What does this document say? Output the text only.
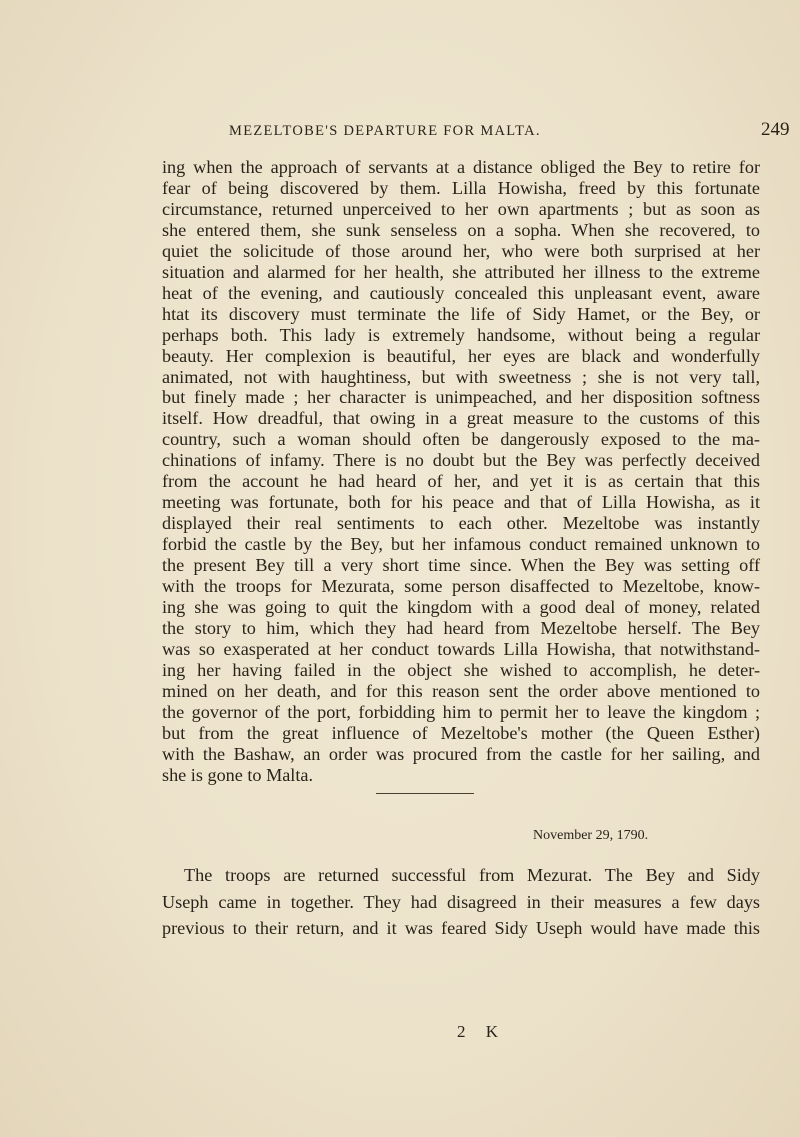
MEZELTOBE'S DEPARTURE FOR MALTA.	249
ing when the approach of servants at a distance obliged the Bey to retire for
fear of being discovered by them. Lilla Howisha, freed by this fortunate
circumstance, returned unperceived to her own apartments ; but as soon as
she entered them, she sunk senseless on a sopha. When she recovered, to
quiet the solicitude of those around her, who were both surprised at her
situation and alarmed for her health, she attributed her illness to the extreme
heat of the evening, and cautiously concealed this unpleasant event, aware
htat its discovery must terminate the life of Sidy Hamet, or the Bey, or
perhaps both. This lady is extremely handsome, without being a regular
beauty. Her complexion is beautiful, her eyes are black and wonderfully
animated, not with haughtiness, but with sweetness ; she is not very tall,
but finely made ; her character is unimpeached, and her disposition softness
itself. How dreadful, that owing in a great measure to the customs of this
country, such a woman should often be dangerously exposed to the ma-
chinations of infamy. There is no doubt but the Bey was perfectly deceived
from the account he had heard of her, and yet it is as certain that this
meeting was fortunate, both for his peace and that of Lilla Howisha, as it
displayed their real sentiments to each other. Mezeltobe was instantly
forbid the castle by the Bey, but her infamous conduct remained unknown to
the present Bey till a very short time since. When the Bey was setting off
with the troops for Mezurata, some person disaffected to Mezeltobe, know-
ing she was going to quit the kingdom with a good deal of money, related
the story to him, which they had heard from Mezeltobe herself. The Bey
was so exasperated at her conduct towards Lilla Howisha, that notwithstand-
ing her having failed in the object she wished to accomplish, he deter-
mined on her death, and for this reason sent the order above mentioned to
the governor of the port, forbidding him to permit her to leave the kingdom ;
but from the great influence of Mezeltobe's mother (the Queen Esther)
with the Bashaw, an order was procured from the castle for her sailing, and
she is gone to Malta.
November 29, 1790.
The troops are returned successful from Mezurat. The Bey and Sidy
Useph came in together. They had disagreed in their measures a few days
previous to their return, and it was feared Sidy Useph would have made this
2 K
